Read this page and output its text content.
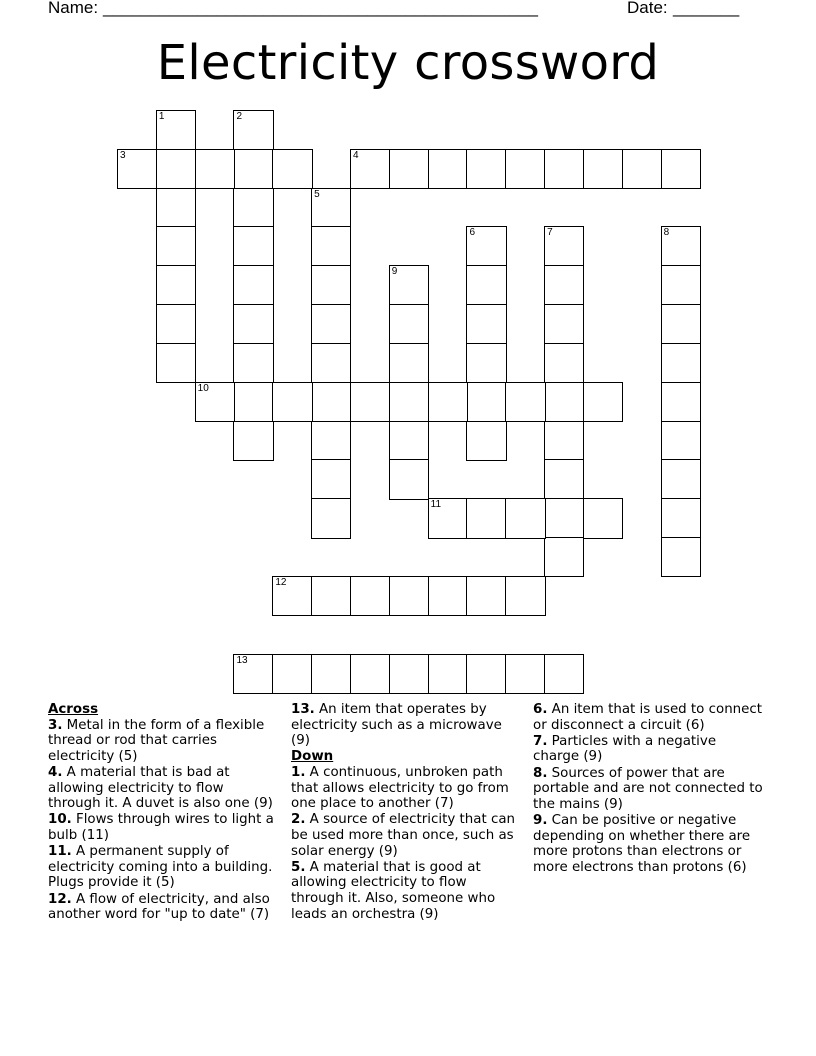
Name: ______________________________________________	Date: _______
Electricity crossword
1	2
3	4
5
6	7	8
9
10
11
12
13
Across
3. Metal in the form of a flexible thread or rod that carries electricity (5)
4. A material that is bad at allowing electricity to flow through it. A duvet is also one (9)
10. Flows through wires to light a bulb (11)
11. A permanent supply of electricity coming into a building. Plugs provide it (5)
12. A flow of electricity, and also another word for "up to date" (7)
13. An item that operates by electricity such as a microwave (9)
Down
1. A continuous, unbroken path that allows electricity to go from one place to another (7)
2. A source of electricity that can be used more than once, such as solar energy (9)
5. A material that is good at allowing electricity to flow through it. Also, someone who leads an orchestra (9)
6. An item that is used to connect or disconnect a circuit (6)
7. Particles with a negative charge (9)
8. Sources of power that are portable and are not connected to the mains (9)
9. Can be positive or negative depending on whether there are more protons than electrons or more electrons than protons (6)
